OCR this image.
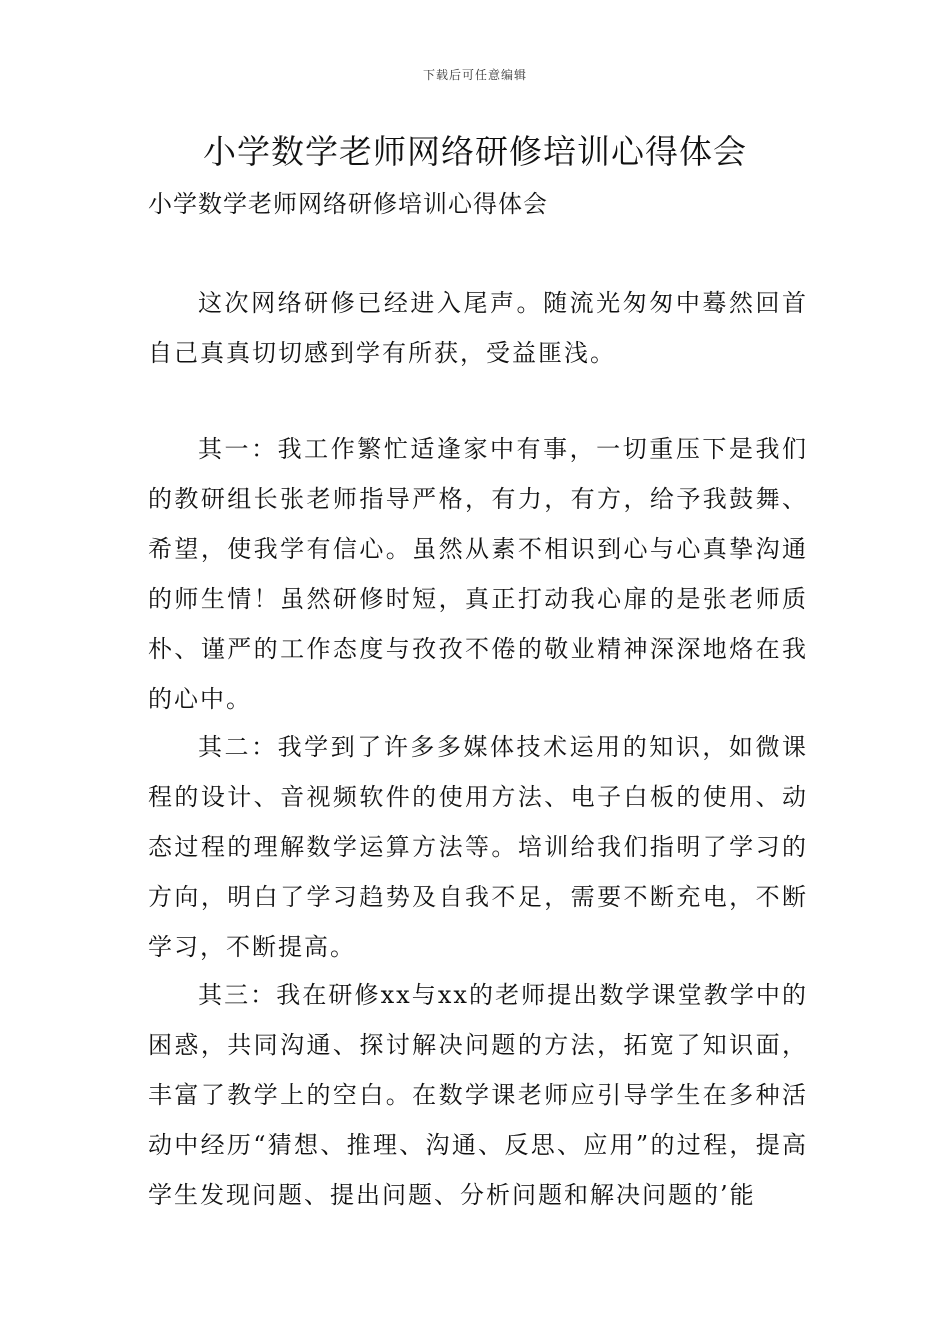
下载后可任意编辑
小学数学老师网络研修培训心得体会
小学数学老师网络研修培训心得体会

这次网络研修已经进入尾声。随流光匆匆中蓦然回首自己真真切切感到学有所获，受益匪浅。

其一：我工作繁忙适逢家中有事，一切重压下是我们的教研组长张老师指导严格，有力，有方，给予我鼓舞、希望，使我学有信心。虽然从素不相识到心与心真挚沟通的师生情！虽然研修时短，真正打动我心扉的是张老师质朴、谨严的工作态度与孜孜不倦的敬业精神深深地烙在我的心中。

其二：我学到了许多多媒体技术运用的知识，如微课程的设计、音视频软件的使用方法、电子白板的使用、动态过程的理解数学运算方法等。培训给我们指明了学习的方向，明白了学习趋势及自我不足，需要不断充电，不断学习，不断提高。

其三：我在研修xx与xx的老师提出数学课堂教学中的困惑，共同沟通、探讨解决问题的方法，拓宽了知识面，丰富了教学上的空白。在数学课老师应引导学生在多种活动中经历“猜想、推理、沟通、反思、应用”的过程，提高学生发现问题、提出问题、分析问题和解决问题的’能
